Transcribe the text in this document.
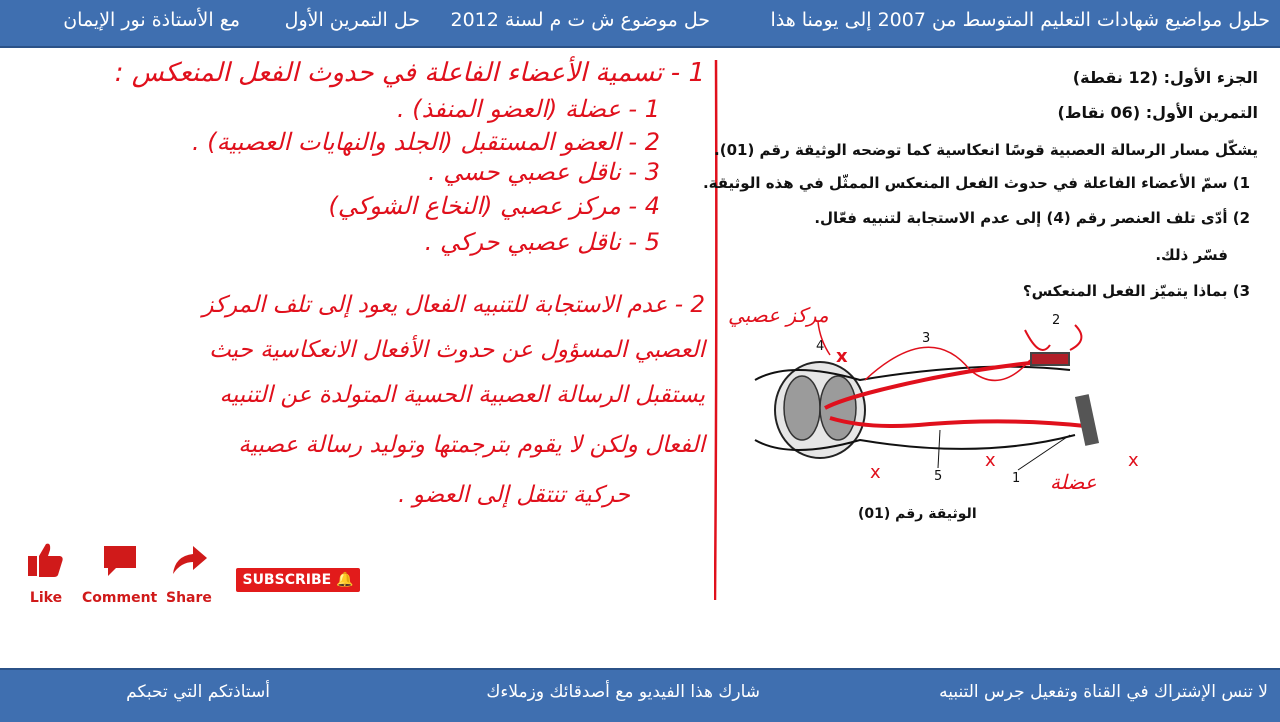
حلول مواضيع شهادات التعليم المتوسط من 2007 إلى يومنا هذا
حل موضوع ش ت م لسنة 2012
حل التمرين الأول
مع الأستاذة نور الإيمان
1 - تسمية الأعضاء الفاعلة في حدوث الفعل المنعكس :
1 - عضلة (العضو المنفذ) .
2 - العضو المستقبل (الجلد والنهايات العصبية) .
3 - ناقل عصبي حسي .
4 - مركز عصبي (النخاع الشوكي)
5 - ناقل عصبي حركي .
2 - عدم الاستجابة للتنبيه الفعال يعود إلى تلف المركز
العصبي المسؤول عن حدوث الأفعال الانعكاسية حيث
يستقبل الرسالة العصبية الحسية المتولدة عن التنبيه
الفعال ولكن لا يقوم بترجمتها وتوليد رسالة عصبية
حركية تنتقل إلى العضو .
الجزء الأول: (12 نقطة)
التمرين الأول: (06 نقاط)
يشكّل مسار الرسالة العصبية قوسًا انعكاسية كما توضحه الوثيقة رقم (01).
1) سمّ الأعضاء الفاعلة في حدوث الفعل المنعكس الممثّل في هذه الوثيقة.
2) أدّى تلف العنصر رقم (4) إلى عدم الاستجابة لتنبيه فعّال.
فسّر ذلك.
3) بماذا يتميّز الفعل المنعكس؟
2
3
4
5	1
x
x
x	x
مركز عصبي
عضلة
الوثيقة رقم (01)
Like Comment Share
SUBSCRIBE 🔔
لا تنس الإشتراك في القناة وتفعيل جرس التنبيه
شارك هذا الفيديو مع أصدقائك وزملاءك
أستاذتكم التي تحبكم
